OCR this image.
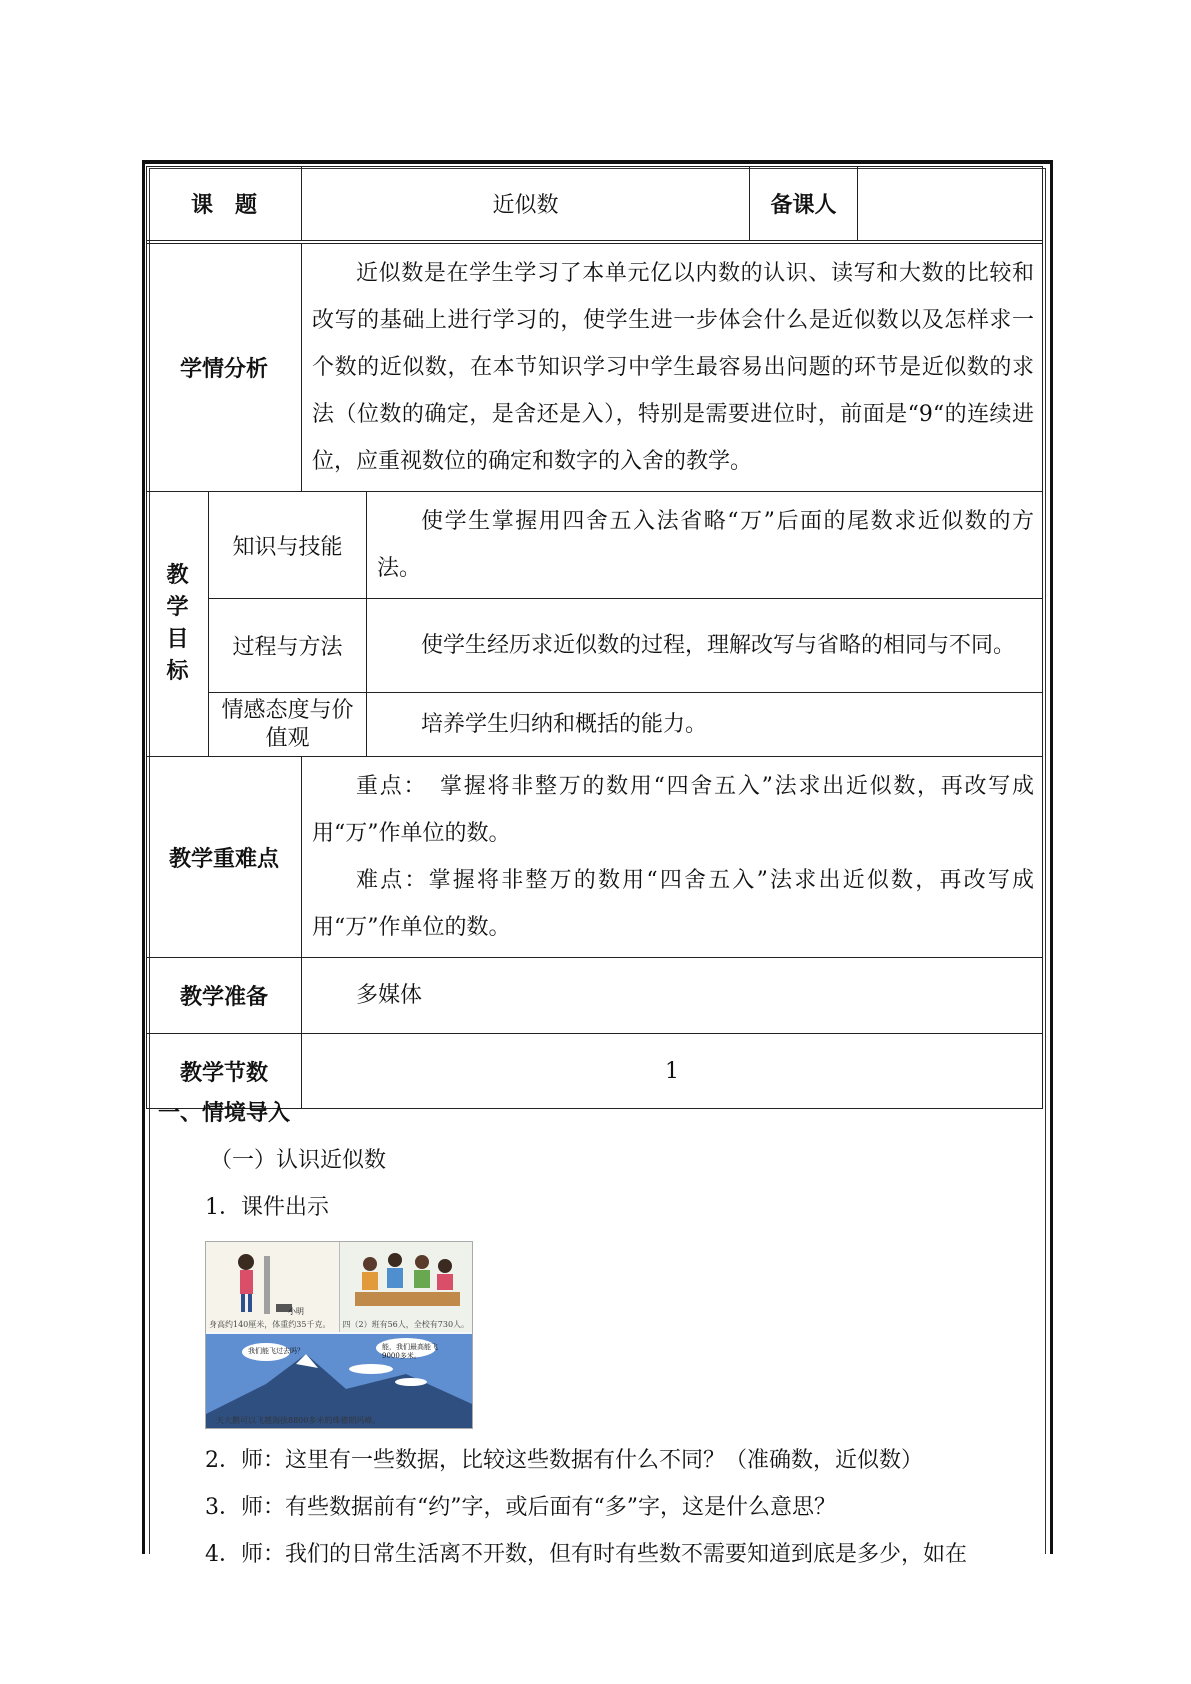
课　题		近似数		备课人	

学情分析		近似数是在学生学习了本单元亿以内数的认识、读写和大数的比较和改写的基础上进行学习的，使学生进一步体会什么是近似数以及怎样求一个数的近似数，在本节知识学习中学生最容易出问题的环节是近似数的求法（位数的确定，是舍还是入），特别是需要进位时，前面是“9“的连续进位，应重视数位的确定和数字的入舍的教学。			

教
学
目
标	知识与技能		使学生掌握用四舍五入法省略“万”后面的尾数求近似数的方法。		

	过程与方法		使学生经历求近似数的过程，理解改写与省略的相同与不同。		

	情感态度与价值观		培养学生归纳和概括的能力。		

教学重难点		重点：　掌握将非整万的数用“四舍五入”法求出近似数，再改写成用“万”作单位的数。

难点：掌握将非整万的数用“四舍五入”法求出近似数，再改写成用“万”作单位的数。			

教学准备		多媒体			

教学节数		1			
一、情境导入
（一）认识近似数
1．课件出示
小明
身高约140厘米，体重约35千克。 四（2）班有56人，全校有730人。
我们能飞过去吗？	能，我们最高能飞9000多米。
天大鹅可以飞越海拔8800多米的珠穆朗玛峰。
2．师：这里有一些数据，比较这些数据有什么不同？（准确数，近似数）
3．师：有些数据前有“约”字，或后面有“多”字，这是什么意思？
4．师：我们的日常生活离不开数，但有时有些数不需要知道到底是多少，如在
